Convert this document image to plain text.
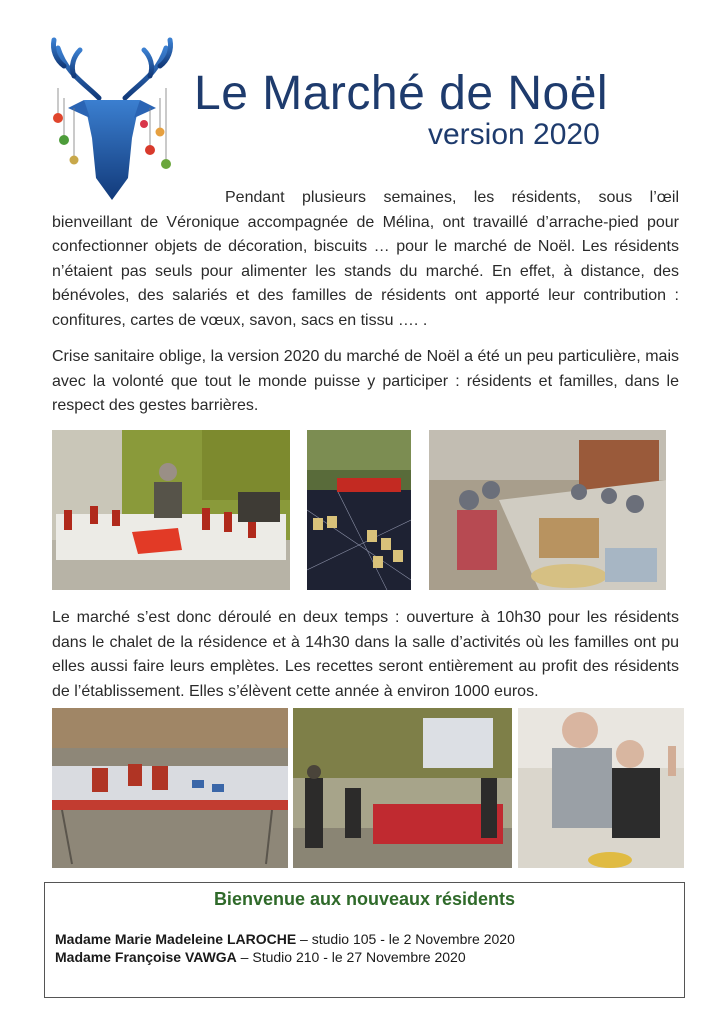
Le Marché de Noël
version 2020

Pendant plusieurs semaines, les résidents, sous l’œil bienveillant de Véronique accompagnée de Mélina, ont travaillé d’arrache-pied pour confectionner objets de décoration, biscuits … pour le marché de Noël. Les résidents n’étaient pas seuls pour alimenter les stands du marché. En effet, à distance, des bénévoles, des salariés et des familles de résidents ont apporté leur contribution : confitures, cartes de vœux, savon, sacs en tissu …. .

Crise sanitaire oblige, la version 2020 du marché de Noël a été un peu particulière, mais avec la volonté que tout le monde puisse y participer : résidents et familles, dans le respect des gestes barrières.

Le marché s’est donc déroulé en deux temps : ouverture à 10h30 pour les résidents dans le chalet de la résidence et à 14h30 dans la salle d’activités où les familles ont pu elles aussi faire leurs emplètes. Les recettes seront entièrement au profit des résidents de l’établissement. Elles s’élèvent cette année à environ 1000 euros.

Bienvenue aux nouveaux résidents
Madame Marie Madeleine LAROCHE – studio 105 - le 2 Novembre 2020
Madame Françoise VAWGA – Studio 210 - le 27 Novembre 2020
